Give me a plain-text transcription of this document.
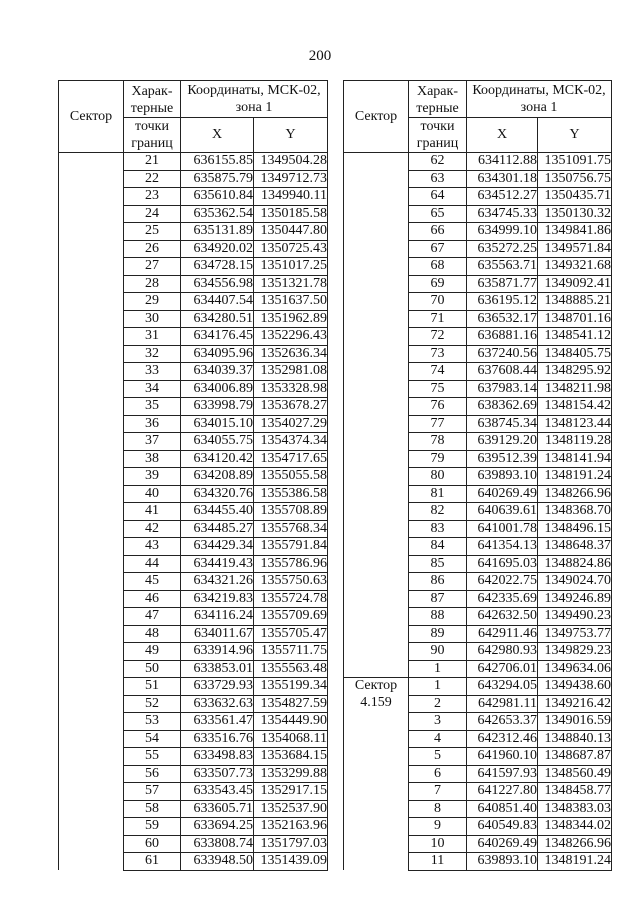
200
Сектор	Харак-терные	Координаты, МСК-02, зона 1	
	точки границ	X	Y
	21	636155.85	1349504.28
	22	635875.79	1349712.73
	23	635610.84	1349940.11
	24	635362.54	1350185.58
	25	635131.89	1350447.80
	26	634920.02	1350725.43
	27	634728.15	1351017.25
	28	634556.98	1351321.78
	29	634407.54	1351637.50
	30	634280.51	1351962.89
	31	634176.45	1352296.43
	32	634095.96	1352636.34
	33	634039.37	1352981.08
	34	634006.89	1353328.98
	35	633998.79	1353678.27
	36	634015.10	1354027.29
	37	634055.75	1354374.34
	38	634120.42	1354717.65
	39	634208.89	1355055.58
	40	634320.76	1355386.58
	41	634455.40	1355708.89
	42	634485.27	1355768.34
	43	634429.34	1355791.84
	44	634419.43	1355786.96
	45	634321.26	1355750.63
	46	634219.83	1355724.78
	47	634116.24	1355709.69
	48	634011.67	1355705.47
	49	633914.96	1355711.75
	50	633853.01	1355563.48
	51	633729.93	1355199.34
	52	633632.63	1354827.59
	53	633561.47	1354449.90
	54	633516.76	1354068.11
	55	633498.83	1353684.15
	56	633507.73	1353299.88
	57	633543.45	1352917.15
	58	633605.71	1352537.90
	59	633694.25	1352163.96
	60	633808.74	1351797.03
	61	633948.50	1351439.09
Сектор	Харак-терные	Координаты, МСК-02, зона 1	
	точки границ	X	Y
	62	634112.88	1351091.75
	63	634301.18	1350756.75
	64	634512.27	1350435.71
	65	634745.33	1350130.32
	66	634999.10	1349841.86
	67	635272.25	1349571.84
	68	635563.71	1349321.68
	69	635871.77	1349092.41
	70	636195.12	1348885.21
	71	636532.17	1348701.16
	72	636881.16	1348541.12
	73	637240.56	1348405.75
	74	637608.44	1348295.92
	75	637983.14	1348211.98
	76	638362.69	1348154.42
	77	638745.34	1348123.44
	78	639129.20	1348119.28
	79	639512.39	1348141.94
	80	639893.10	1348191.24
	81	640269.49	1348266.96
	82	640639.61	1348368.70
	83	641001.78	1348496.15
	84	641354.13	1348648.37
	85	641695.03	1348824.86
	86	642022.75	1349024.70
	87	642335.69	1349246.89
	88	642632.50	1349490.23
	89	642911.46	1349753.77
	90	642980.93	1349829.23
	1	642706.01	1349634.06

Сектор
4.159	1	643294.05	1349438.60
	2	642981.11	1349216.42
	3	642653.37	1349016.59
	4	642312.46	1348840.13
	5	641960.10	1348687.87
	6	641597.93	1348560.49
	7	641227.80	1348458.77
	8	640851.40	1348383.03
	9	640549.83	1348344.02
	10	640269.49	1348266.96
	11	639893.10	1348191.24
